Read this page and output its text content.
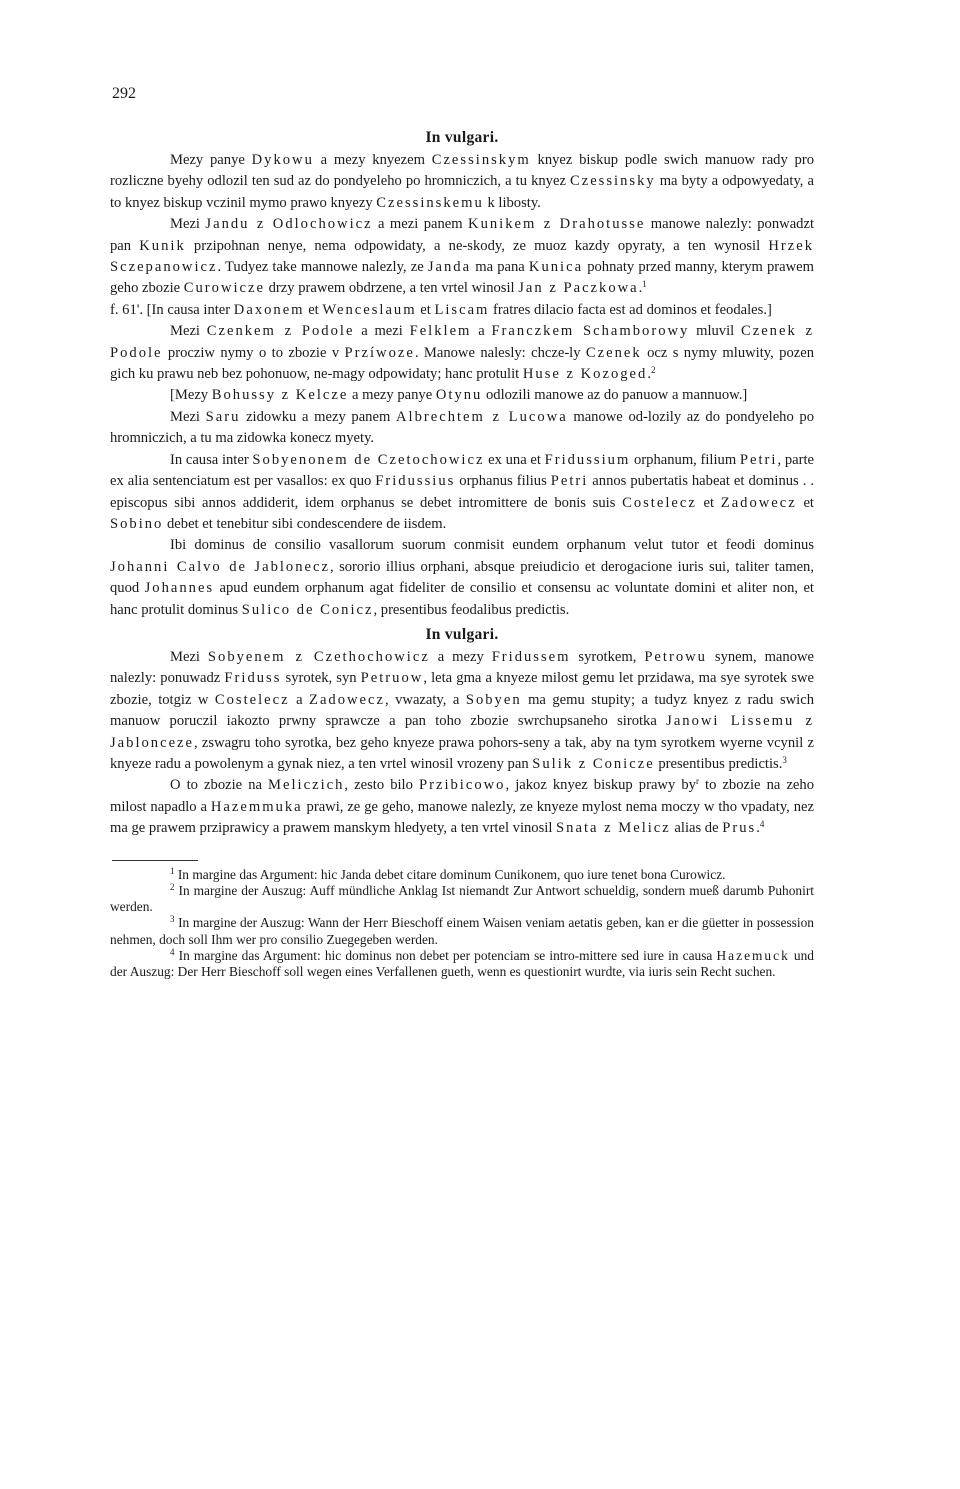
292
In vulgari.

Mezy panye Dykowu a mezy knyezem Czessinskym knyez biskup podle swich manuow rady pro rozliczne byehy odlozil ten sud az do pondyeleho po hromniczich, a tu knyez Czessinsky ma byty a odpowyedaty, a to knyez biskup vczinil mymo prawo knyezy Czessinskemu k libosty.

Mezi Jandu z Odlochowicz a mezi panem Kunikem z Drahotusse manowe nalezly: ponwadzt pan Kunik przipohnan nenye, nema odpowidaty, a ne-skody, ze muoz kazdy opyraty, a ten wynosil Hrzek Sczepanowicz. Tudyez take mannowe nalezly, ze Janda ma pana Kunica pohnaty przed manny, kterym prawem geho zbozie Curowicze drzy prawem obdrzene, a ten vrtel winosil Jan z Paczkowa.$^1$

f. 61'. [In causa inter Daxonem et Wenceslaum et Liscam fratres dilacio facta est ad dominos et feodales.]

Mezi Czenkem z Podole a mezi Felklem a Franczkem Schamborowy mluvil Czenek z Podole procziw nymy o to zbozie v Przíwoze. Manowe nalesly: chcze-ly Czenek ocz s nymy mluwity, pozen gich ku prawu neb bez pohonuow, ne-magy odpowidaty; hanc protulit Huse z Kozoged.$^2$

[Mezy Bohussy z Kelcze a mezy panye Otynu odlozili manowe az do panuow a mannuow.]

Mezi Saru zidowku a mezy panem Albrechtem z Lucowa manowe od-lozily az do pondyeleho po hromniczich, a tu ma zidowka konecz myety.

In causa inter Sobyenonem de Czetochowicz ex una et Fridussium orphanum, filium Petri, parte ex alia sentenciatum est per vasallos: ex quo Fridussius orphanus filius Petri annos pubertatis habeat et dominus . . episcopus sibi annos addiderit, idem orphanus se debet intromittere de bonis suis Costelecz et Zadowecz et Sobino debet et tenebitur sibi condescendere de iisdem.

Ibi dominus de consilio vasallorum suorum conmisit eundem orphanum velut tutor et feodi dominus Johanni Calvo de Jablonecz, sororio illius orphani, absque preiudicio et derogacione iuris sui, taliter tamen, quod Johannes apud eundem orphanum agat fideliter de consilio et consensu ac voluntate domini et aliter non, et hanc protulit dominus Sulico de Conicz, presentibus feodalibus predictis.

In vulgari.

Mezi Sobyenem z Czethochowicz a mezy Fridussem syrotkem, Petrowu synem, manowe nalezly: ponuwadz Friduss syrotek, syn Petruow, leta gma a knyeze milost gemu let przidawa, ma sye syrotek swe zbozie, totgiz w Costelecz a Zadowecz, vwazaty, a Sobyen ma gemu stupity; a tudyz knyez z radu swich manuow poruczil iakozto prwny sprawcze a pan toho zbozie swrchupsaneho sirotka Janowi Lissemu z Jablonceze, zswagru toho syrotka, bez geho knyeze prawa pohors-seny a tak, aby na tym syrotkem wyerne vcynil z knyeze radu a powolenym a gynak niez, a ten vrtel winosil vrozeny pan Sulik z Conicze presentibus predictis.$^3$

O to zbozie na Meliczich, zesto bilo Przibicowo, jakoz knyez biskup prawy $by^r$ to zbozie na zeho milost napadlo a Hazemmuka prawi, ze ge geho, manowe nalezly, ze knyeze mylost nema moczy w tho vpadaty, nez ma ge prawem prziprawicy a prawem manskym hledyety, a ten vrtel vinosil Snata z Melicz alias de Prus.$^4$

$^1$ In margine das Argument: hic Janda debet citare dominum Cunikonem, quo iure tenet bona Curowicz.

$^2$ In margine der Auszug: Auff mündliche Anklag Ist niemandt Zur Antwort schueldig, sondern mueß darumb Puhonirt werden.

$^3$ In margine der Auszug: Wann der Herr Bieschoff einem Waisen veniam aetatis geben, kan er die güetter in possession nehmen, doch soll Ihm wer pro consilio Zuegegeben werden.

$^4$ In margine das Argument: hic dominus non debet per potenciam se intro-mittere sed iure in causa Hazemuck und der Auszug: Der Herr Bieschoff soll wegen eines Verfallenen gueth, wenn es questionirt wurdte, via iuris sein Recht suchen.
